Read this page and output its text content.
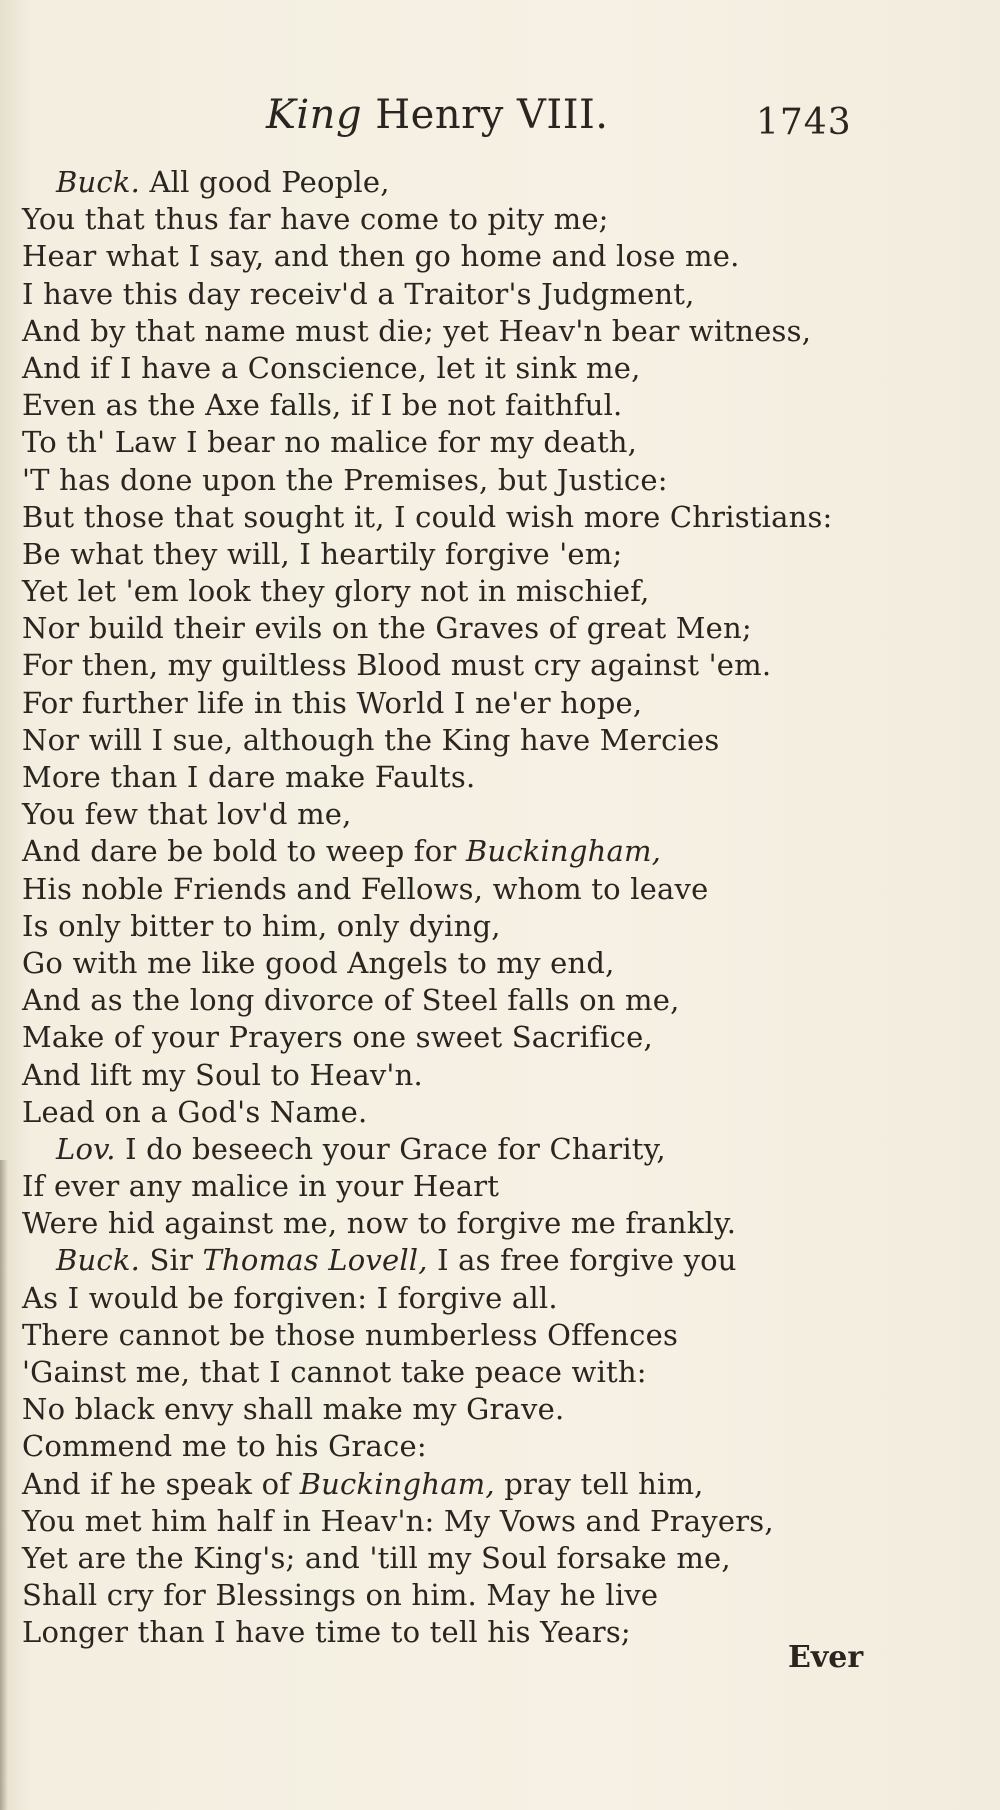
King Henry VIII.	1743
Buck. All good People,
You that thus far have come to pity me;
Hear what I say, and then go home and lose me.
I have this day receiv'd a Traitor's Judgment,
And by that name must die; yet Heav'n bear witness,
And if I have a Conscience, let it sink me,
Even as the Axe falls, if I be not faithful.
To th' Law I bear no malice for my death,
'T has done upon the Premises, but Justice:
But those that sought it, I could wish more Christians:
Be what they will, I heartily forgive 'em;
Yet let 'em look they glory not in mischief,
Nor build their evils on the Graves of great Men;
For then, my guiltless Blood must cry against 'em.
For further life in this World I ne'er hope,
Nor will I sue, although the King have Mercies
More than I dare make Faults.
You few that lov'd me,
And dare be bold to weep for Buckingham,
His noble Friends and Fellows, whom to leave
Is only bitter to him, only dying,
Go with me like good Angels to my end,
And as the long divorce of Steel falls on me,
Make of your Prayers one sweet Sacrifice,
And lift my Soul to Heav'n.
Lead on a God's Name.
Lov. I do beseech your Grace for Charity,
If ever any malice in your Heart
Were hid against me, now to forgive me frankly.
Buck. Sir Thomas Lovell, I as free forgive you
As I would be forgiven: I forgive all.
There cannot be those numberless Offences
'Gainst me, that I cannot take peace with:
No black envy shall make my Grave.
Commend me to his Grace:
And if he speak of Buckingham, pray tell him,
You met him half in Heav'n: My Vows and Prayers,
Yet are the King's; and 'till my Soul forsake me,
Shall cry for Blessings on him. May he live
Longer than I have time to tell his Years;
Ever
